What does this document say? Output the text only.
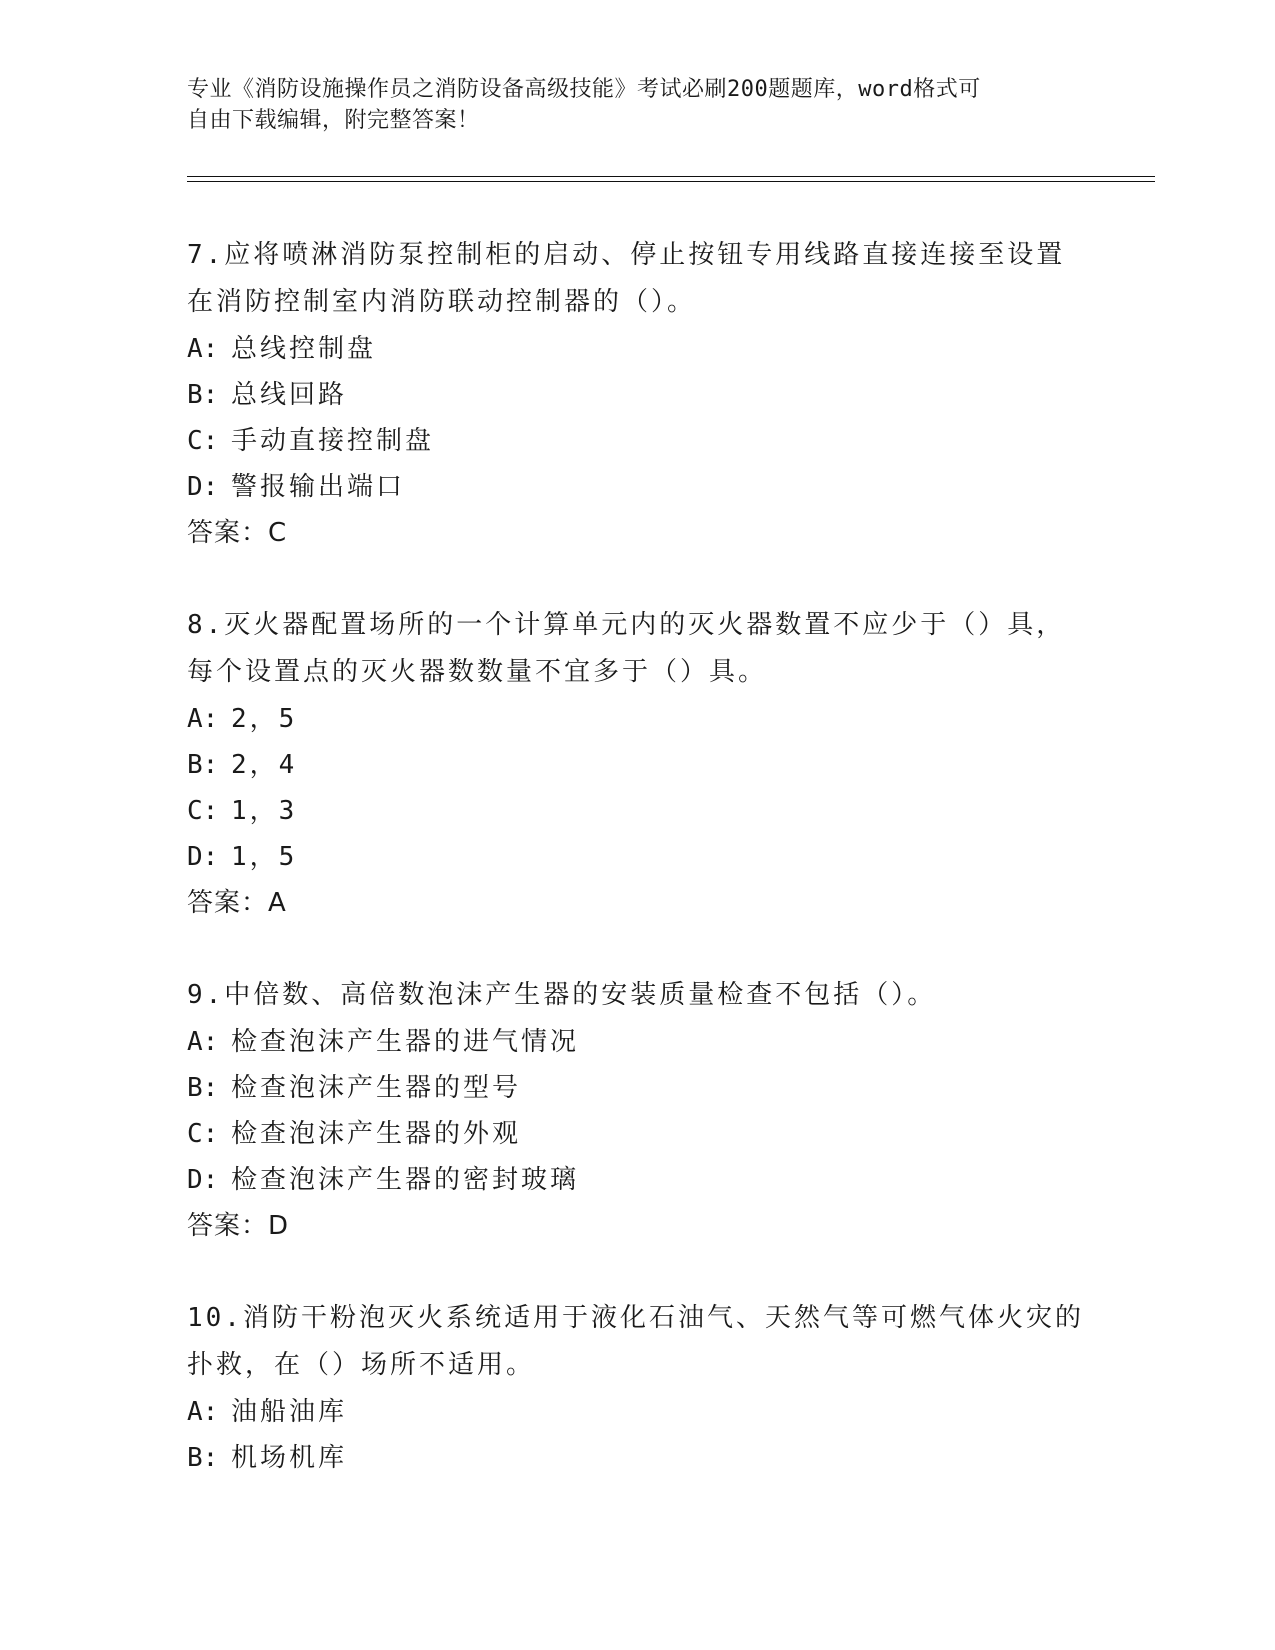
专业《消防设施操作员之消防设备高级技能》考试必刷200题题库，word格式可
自由下载编辑，附完整答案！
7.应将喷淋消防泵控制柜的启动、停止按钮专用线路直接连接至设置
在消防控制室内消防联动控制器的（）。
A: 总线控制盘
B: 总线回路
C: 手动直接控制盘
D: 警报输出端口
答案：C
8.灭火器配置场所的一个计算单元内的灭火器数置不应少于（）具，
每个设置点的灭火器数数量不宜多于（）具。
A: 2，5
B: 2，4
C: 1，3
D: 1，5
答案：A
9.中倍数、高倍数泡沫产生器的安装质量检查不包括（）。
A: 检查泡沫产生器的进气情况
B: 检查泡沫产生器的型号
C: 检查泡沫产生器的外观
D: 检查泡沫产生器的密封玻璃
答案：D
10.消防干粉泡灭火系统适用于液化石油气、天然气等可燃气体火灾的
扑救，在（）场所不适用。
A: 油船油库
B: 机场机库
